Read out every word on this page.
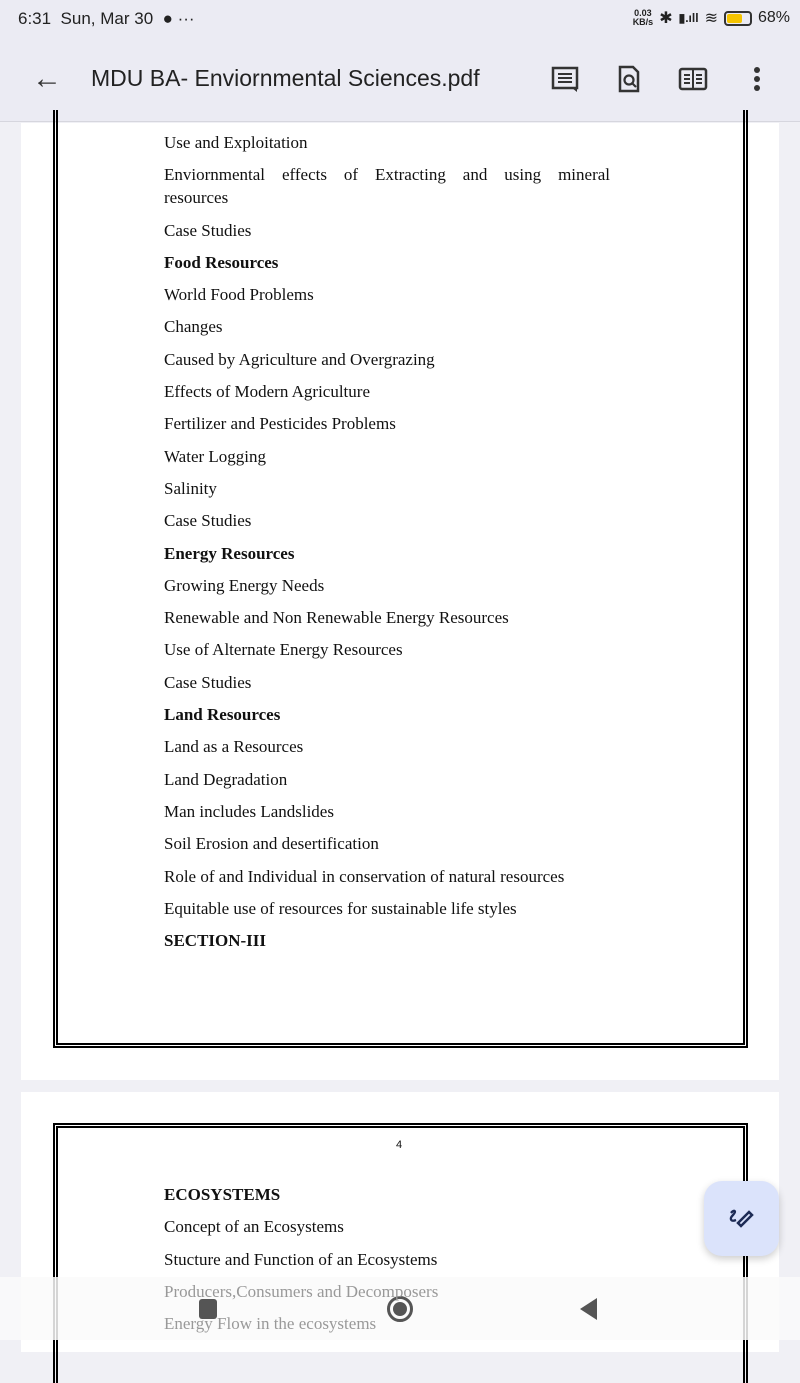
6:31 Sun, Mar 30 ● ···	0.03
KB/s ✱ ▮.ıll ≋	68%
← MDU BA- Enviornmental Sciences.pdf
Use and Exploitation
Enviornmental effects of Extracting and using mineral resources
Case Studies
Food Resources
World Food Problems
Changes
Caused by Agriculture and Overgrazing
Effects of Modern Agriculture
Fertilizer and Pesticides Problems
Water Logging
Salinity
Case Studies
Energy Resources
Growing Energy Needs
Renewable and Non Renewable Energy Resources
Use of Alternate Energy Resources
Case Studies
Land Resources
Land as a Resources
Land Degradation
Man includes Landslides
Soil Erosion and desertification
Role of and Individual in conservation of natural resources
Equitable use of resources for sustainable life styles
SECTION-III
4
ECOSYSTEMS
Concept of an Ecosystems
Stucture and Function of an Ecosystems
Producers,Consumers and Decomposers
Energy Flow in the ecosystems
